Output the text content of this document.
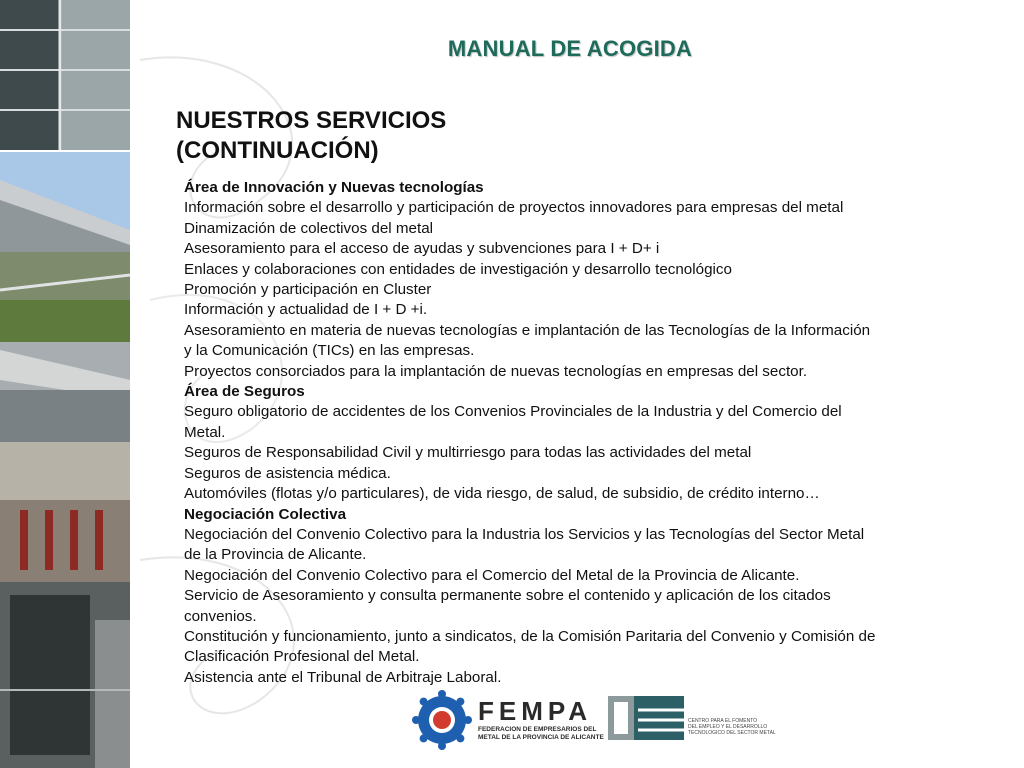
MANUAL DE ACOGIDA
NUESTROS SERVICIOS
(CONTINUACIÓN)
Área de Innovación y Nuevas tecnologías
Información sobre el desarrollo y participación de proyectos innovadores para empresas del metal
Dinamización de colectivos del metal
Asesoramiento para el acceso de ayudas y subvenciones para I + D+ i
Enlaces y colaboraciones con entidades de investigación y desarrollo tecnológico
Promoción y participación en Cluster
Información y actualidad de I + D +i.
Asesoramiento en materia de nuevas tecnologías e implantación de las Tecnologías de la Información
y la Comunicación (TICs) en las empresas.
Proyectos consorciados para la implantación de nuevas tecnologías en empresas del sector.
Área de Seguros
Seguro obligatorio de accidentes de los Convenios Provinciales de la Industria y del Comercio del
Metal.
Seguros de Responsabilidad Civil y multirriesgo para todas las actividades del metal
Seguros de asistencia médica.
Automóviles (flotas y/o particulares), de vida riesgo, de salud, de subsidio, de crédito interno…
Negociación Colectiva
Negociación del Convenio Colectivo para la Industria los Servicios y las Tecnologías del Sector Metal
de la Provincia de Alicante.
Negociación del Convenio Colectivo para el Comercio del Metal de la Provincia de Alicante.
Servicio de Asesoramiento y consulta permanente sobre el contenido y aplicación de los citados
convenios.
Constitución y funcionamiento, junto a sindicatos, de la Comisión Paritaria del Convenio y Comisión de
Clasificación Profesional del Metal.
Asistencia ante el Tribunal de Arbitraje Laboral.
FEMPA
FEDERACION DE EMPRESARIOS DEL
METAL DE LA PROVINCIA DE ALICANTE
CENTRO PARA EL FOMENTO
DEL EMPLEO Y EL DESARROLLO
TECNOLOGICO DEL SECTOR METAL
